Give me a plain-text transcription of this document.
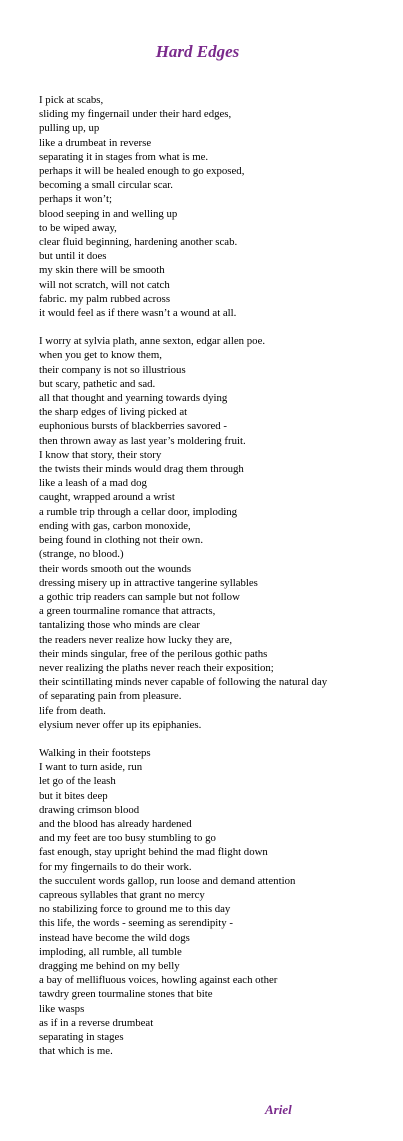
Hard Edges
I pick at scabs,
sliding my fingernail under their hard edges,
pulling up, up
like a drumbeat in reverse
separating it in stages from what is me.
perhaps it will be healed enough to go exposed,
becoming a small circular scar.
perhaps it won’t;
blood seeping in and welling up
to be wiped away,
clear fluid beginning, hardening another scab.
but until it does
my skin there will be smooth
will not scratch, will not catch
fabric. my palm rubbed across
it would feel as if there wasn’t a wound at all.
I worry at sylvia plath, anne sexton, edgar allen poe.
when you get to know them,
their company is not so illustrious
but scary, pathetic and sad.
all that thought and yearning towards dying
the sharp edges of living picked at
euphonious bursts of blackberries savored -
then thrown away as last year’s moldering fruit.
I know that story, their story
the twists their minds would drag them through
like a leash of a mad dog
caught, wrapped around a wrist
a rumble trip through a cellar door, imploding
ending with gas, carbon monoxide,
being found in clothing not their own.
(strange, no blood.)
their words smooth out the wounds
dressing misery up in attractive tangerine syllables
a gothic trip readers can sample but not follow
a green tourmaline romance that attracts,
tantalizing those who minds are clear
the readers never realize how lucky they are,
their minds singular, free of the perilous gothic paths
never realizing the plaths never reach their exposition;
their scintillating minds never capable of following the natural day
of separating pain from pleasure.
life from death.
elysium never offer up its epiphanies.
Walking in their footsteps
I want to turn aside, run
let go of the leash
but it bites deep
drawing crimson blood
and the blood has already hardened
and my feet are too busy stumbling to go
fast enough, stay upright behind the mad flight down
for my fingernails to do their work.
the succulent words gallop, run loose and demand attention
capreous syllables that grant no mercy
no stabilizing force to ground me to this day
this life, the words - seeming as serendipity -
instead have become the wild dogs
imploding, all rumble, all tumble
dragging me behind on my belly
a bay of mellifluous voices, howling against each other
tawdry green tourmaline stones that bite
like wasps
as if in a reverse drumbeat
separating in stages
that which is me.
Ariel
